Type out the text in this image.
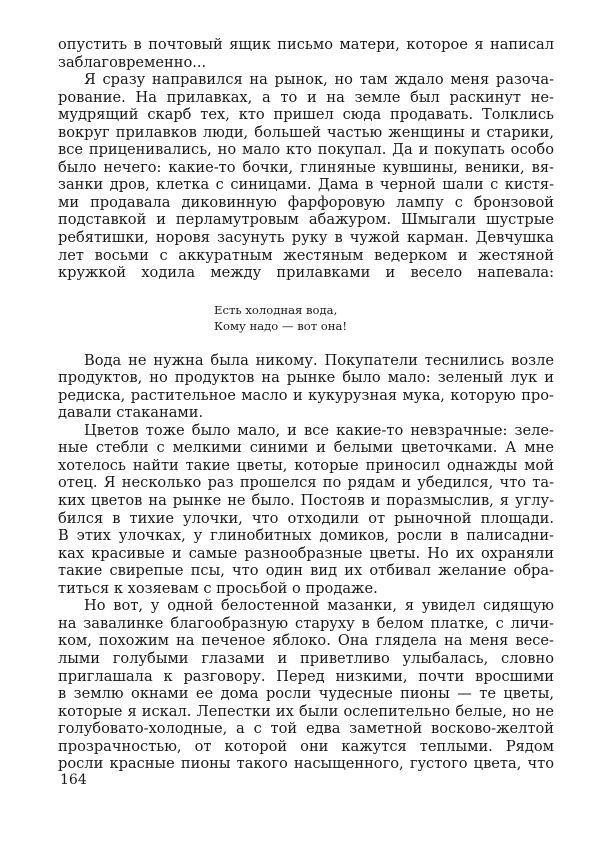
опустить в почтовый ящик письмо матери, которое я написал
заблаговременно...
Я сразу направился на рынок, но там ждало меня разоча-
рование. На прилавках, а то и на земле был раскинут не-
мудрящий скарб тех, кто пришел сюда продавать. Толклись
вокруг прилавков люди, большей частью женщины и старики,
все приценивались, но мало кто покупал. Да и покупать особо
было нечего: какие-то бочки, глиняные кувшины, веники, вя-
занки дров, клетка с синицами. Дама в черной шали с кистя-
ми продавала диковинную фарфоровую лампу с бронзовой
подставкой и перламутровым абажуром. Шмыгали шустрые
ребятишки, норовя засунуть руку в чужой карман. Девчушка
лет восьми с аккуратным жестяным ведерком и жестяной
кружкой ходила между прилавками и весело напевала:
Есть холодная вода,
Кому надо — вот она!
Вода не нужна была никому. Покупатели теснились возле
продуктов, но продуктов на рынке было мало: зеленый лук и
редиска, растительное масло и кукурузная мука, которую про-
давали стаканами.
Цветов тоже было мало, и все какие-то невзрачные: зеле-
ные стебли с мелкими синими и белыми цветочками. А мне
хотелось найти такие цветы, которые приносил однажды мой
отец. Я несколько раз прошелся по рядам и убедился, что та-
ких цветов на рынке не было. Постояв и поразмыслив, я углу-
бился в тихие улочки, что отходили от рыночной площади.
В этих улочках, у глинобитных домиков, росли в палисадни-
ках красивые и самые разнообразные цветы. Но их охраняли
такие свирепые псы, что один вид их отбивал желание обра-
титься к хозяевам с просьбой о продаже.
Но вот, у одной белостенной мазанки, я увидел сидящую
на завалинке благообразную старуху в белом платке, с личи-
ком, похожим на печеное яблоко. Она глядела на меня весе-
лыми голубыми глазами и приветливо улыбалась, словно
приглашала к разговору. Перед низкими, почти вросшими
в землю окнами ее дома росли чудесные пионы — те цветы,
которые я искал. Лепестки их были ослепительно белые, но не
голубовато-холодные, а с той едва заметной восково-желтой
прозрачностью, от которой они кажутся теплыми. Рядом
росли красные пионы такого насыщенного, густого цвета, что
164
